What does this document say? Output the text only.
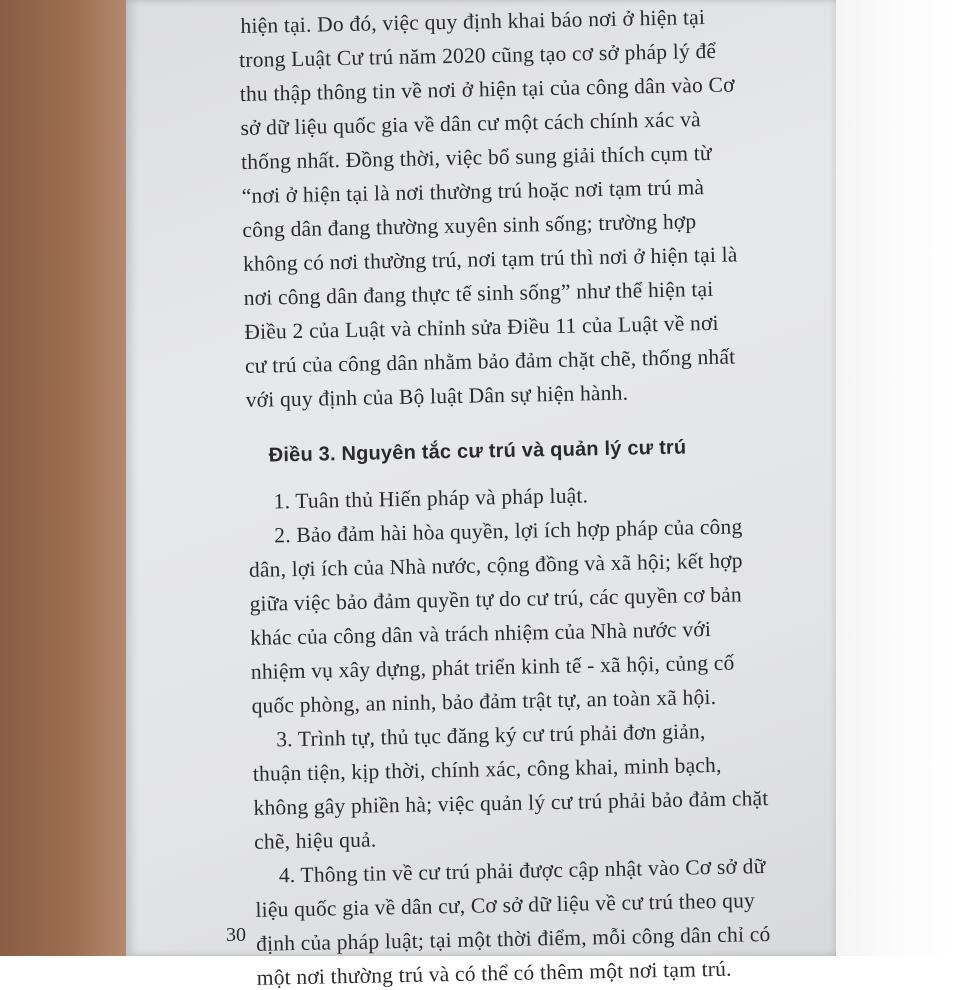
hiện tại. Do đó, việc quy định khai báo nơi ở hiện tại
trong Luật Cư trú năm 2020 cũng tạo cơ sở pháp lý để
thu thập thông tin về nơi ở hiện tại của công dân vào Cơ
sở dữ liệu quốc gia về dân cư một cách chính xác và
thống nhất. Đồng thời, việc bổ sung giải thích cụm từ
“nơi ở hiện tại là nơi thường trú hoặc nơi tạm trú mà
công dân đang thường xuyên sinh sống; trường hợp
không có nơi thường trú, nơi tạm trú thì nơi ở hiện tại là
nơi công dân đang thực tế sinh sống” như thể hiện tại
Điều 2 của Luật và chỉnh sửa Điều 11 của Luật về nơi
cư trú của công dân nhằm bảo đảm chặt chẽ, thống nhất
với quy định của Bộ luật Dân sự hiện hành.
Điều 3. Nguyên tắc cư trú và quản lý cư trú
1. Tuân thủ Hiến pháp và pháp luật.
2. Bảo đảm hài hòa quyền, lợi ích hợp pháp của công
dân, lợi ích của Nhà nước, cộng đồng và xã hội; kết hợp
giữa việc bảo đảm quyền tự do cư trú, các quyền cơ bản
khác của công dân và trách nhiệm của Nhà nước với
nhiệm vụ xây dựng, phát triển kinh tế - xã hội, củng cố
quốc phòng, an ninh, bảo đảm trật tự, an toàn xã hội.
3. Trình tự, thủ tục đăng ký cư trú phải đơn giản,
thuận tiện, kịp thời, chính xác, công khai, minh bạch,
không gây phiền hà; việc quản lý cư trú phải bảo đảm chặt
chẽ, hiệu quả.
4. Thông tin về cư trú phải được cập nhật vào Cơ sở dữ
liệu quốc gia về dân cư, Cơ sở dữ liệu về cư trú theo quy
định của pháp luật; tại một thời điểm, mỗi công dân chỉ có
một nơi thường trú và có thể có thêm một nơi tạm trú.
30
